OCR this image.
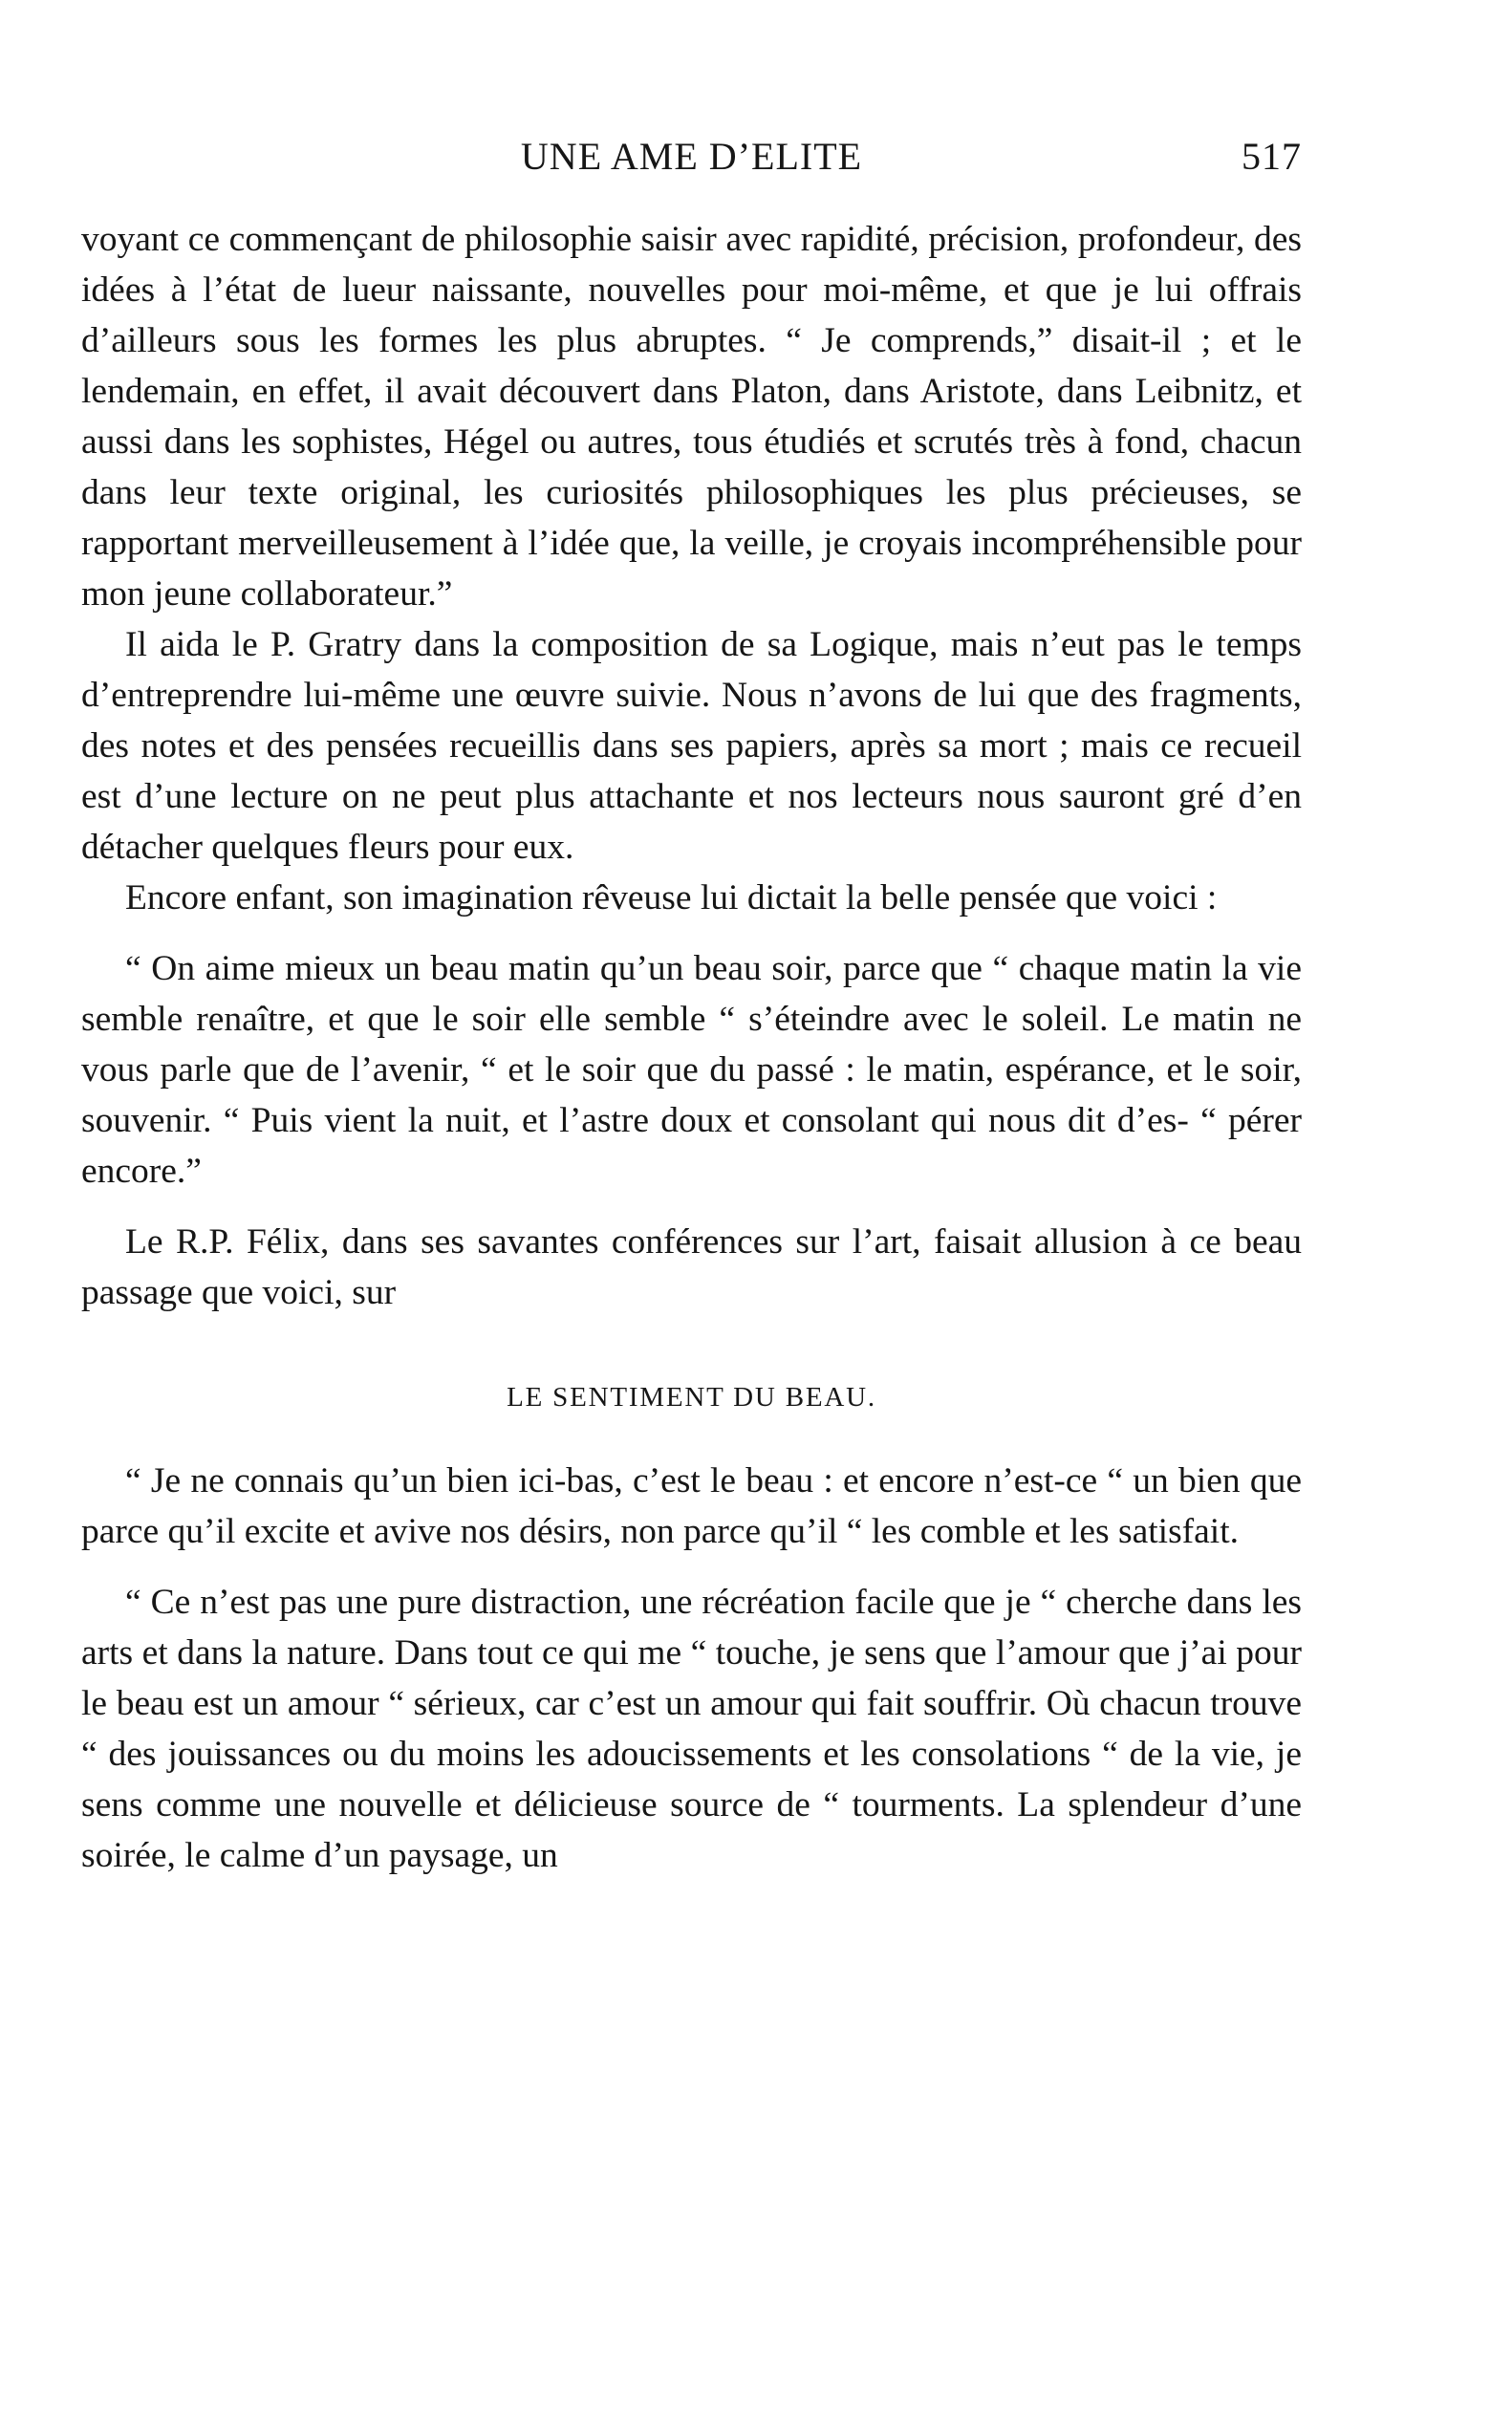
UNE AME D’ELITE	517

voyant ce commençant de philosophie saisir avec rapidité, précision, profondeur, des idées à l’état de lueur naissante, nouvelles pour moi-même, et que je lui offrais d’ailleurs sous les formes les plus abruptes. “ Je comprends,” disait-il ; et le lendemain, en effet, il avait découvert dans Platon, dans Aristote, dans Leibnitz, et aussi dans les sophistes, Hégel ou autres, tous étudiés et scrutés très à fond, chacun dans leur texte original, les curiosités philosophiques les plus précieuses, se rapportant merveilleusement à l’idée que, la veille, je croyais incompréhensible pour mon jeune collaborateur.”

Il aida le P. Gratry dans la composition de sa Logique, mais n’eut pas le temps d’entreprendre lui-même une œuvre suivie. Nous n’avons de lui que des fragments, des notes et des pensées recueillis dans ses papiers, après sa mort ; mais ce recueil est d’une lecture on ne peut plus attachante et nos lecteurs nous sauront gré d’en détacher quelques fleurs pour eux.

Encore enfant, son imagination rêveuse lui dictait la belle pensée que voici :

“ On aime mieux un beau matin qu’un beau soir, parce que “ chaque matin la vie semble renaître, et que le soir elle semble “ s’éteindre avec le soleil. Le matin ne vous parle que de l’avenir, “ et le soir que du passé : le matin, espérance, et le soir, souvenir. “ Puis vient la nuit, et l’astre doux et consolant qui nous dit d’es- “ pérer encore.”

Le R.P. Félix, dans ses savantes conférences sur l’art, faisait allusion à ce beau passage que voici, sur

LE SENTIMENT DU BEAU.

“ Je ne connais qu’un bien ici-bas, c’est le beau : et encore n’est-ce “ un bien que parce qu’il excite et avive nos désirs, non parce qu’il “ les comble et les satisfait.

“ Ce n’est pas une pure distraction, une récréation facile que je “ cherche dans les arts et dans la nature. Dans tout ce qui me “ touche, je sens que l’amour que j’ai pour le beau est un amour “ sérieux, car c’est un amour qui fait souffrir. Où chacun trouve “ des jouissances ou du moins les adoucissements et les consolations “ de la vie, je sens comme une nouvelle et délicieuse source de “ tourments. La splendeur d’une soirée, le calme d’un paysage, un
